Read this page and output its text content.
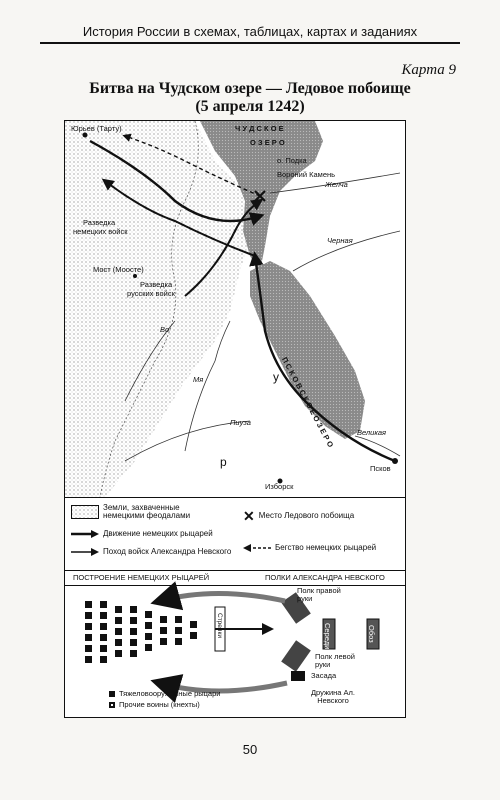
История России в схемах, таблицах, картах и заданиях
Карта 9
Битва на Чудском озере — Ледовое побоище
(5 апреля 1242)
Юрьев (Тарту)	Ч У Д С К О Е
О З Е Р О
о. Подка
Вороний Камень
Желча
Разведка
немецких войск
Мост (Моосте)
Разведка
русских войск
Черная
П С К О В С К О Е О З Е Р О	Великая
Псков
Изборск
Во
Мя
Пиуза
р
у
Земли, захваченные немецкими феодалами	✕ Место Ледового побоища
Движение немецких рыцарей
Поход войск Александра Невского	Бегство немецких рыцарей
ПОСТРОЕНИЕ НЕМЕЦКИХ РЫЦАРЕЙ	ПОЛКИ АЛЕКСАНДРА НЕВСКОГО
Полк правой руки
Середина	Обоз
Полк левой руки
Засада
Дружина Ал. Невского
Стрелки
Тяжеловооружённые рыцари
Прочие воины (кнехты)
50
